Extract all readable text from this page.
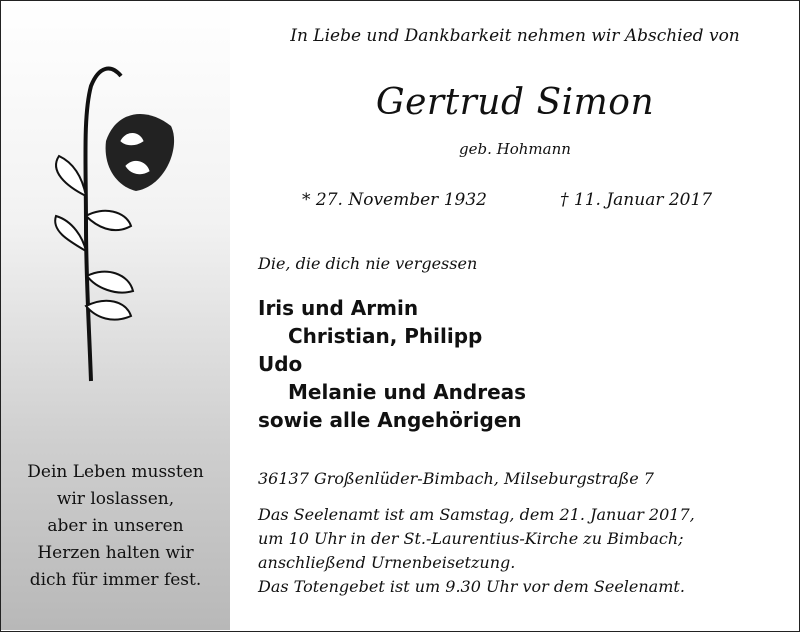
Dein Leben mussten
wir loslassen,
aber in unseren
Herzen halten wir
dich für immer fest.
In Liebe und Dankbarkeit nehmen wir Abschied von
Gertrud Simon
geb. Hohmann
* 27. November 1932	† 11. Januar 2017
Die, die dich nie vergessen
Iris und Armin
Christian, Philipp
Udo
Melanie und Andreas
sowie alle Angehörigen
36137 Großenlüder-Bimbach, Milseburgstraße 7
Das Seelenamt ist am Samstag, dem 21. Januar 2017,
um 10 Uhr in der St.-Laurentius-Kirche zu Bimbach;
anschließend Urnenbeisetzung.
Das Totengebet ist um 9.30 Uhr vor dem Seelenamt.
